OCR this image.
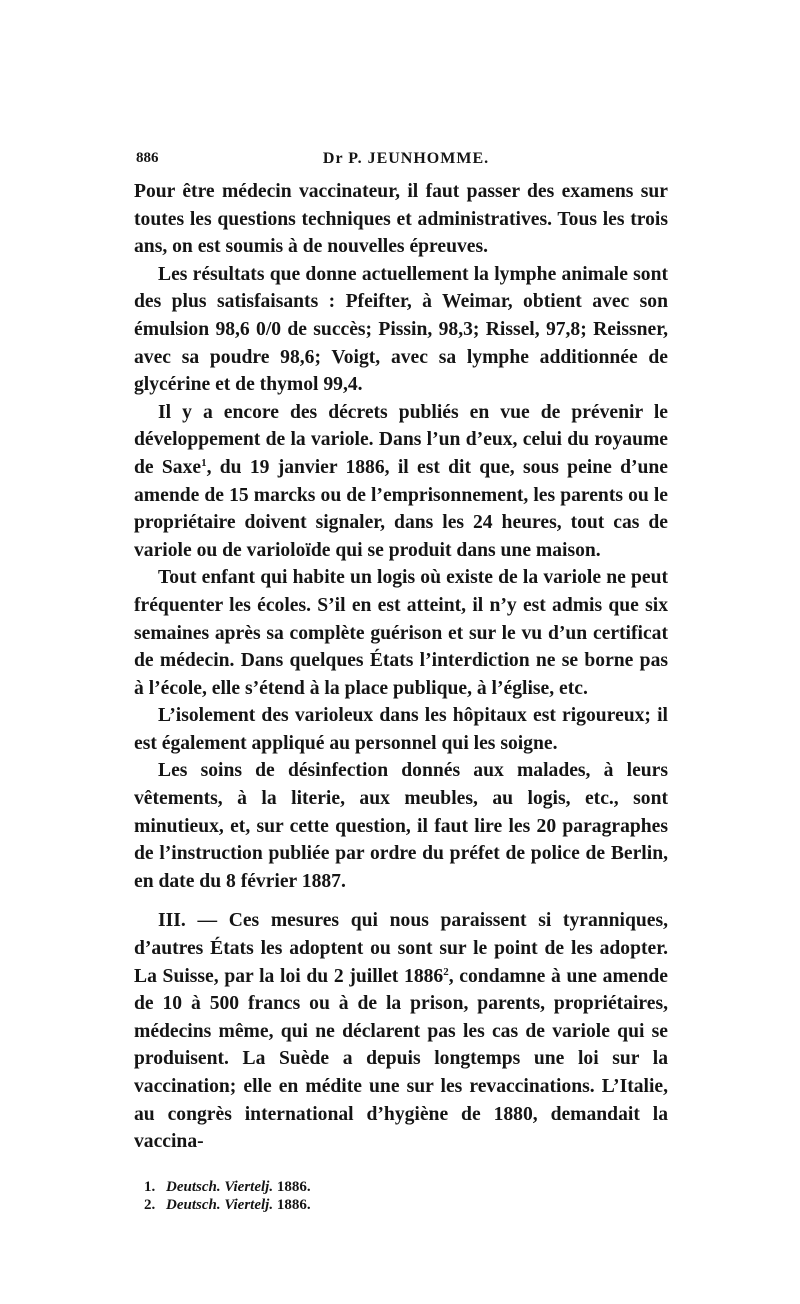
886	Dr P. JEUNHOMME.

Pour être médecin vaccinateur, il faut passer des examens sur toutes les questions techniques et administratives. Tous les trois ans, on est soumis à de nouvelles épreuves.

Les résultats que donne actuellement la lymphe animale sont des plus satisfaisants : Pfeifter, à Weimar, obtient avec son émulsion 98,6 0/0 de succès; Pissin, 98,3; Rissel, 97,8; Reissner, avec sa poudre 98,6; Voigt, avec sa lymphe additionnée de glycérine et de thymol 99,4.

Il y a encore des décrets publiés en vue de prévenir le développement de la variole. Dans l’un d’eux, celui du royaume de Saxe$^1$, du 19 janvier 1886, il est dit que, sous peine d’une amende de 15 marcks ou de l’emprisonnement, les parents ou le propriétaire doivent signaler, dans les 24 heures, tout cas de variole ou de varioloïde qui se produit dans une maison.

Tout enfant qui habite un logis où existe de la variole ne peut fréquenter les écoles. S’il en est atteint, il n’y est admis que six semaines après sa complète guérison et sur le vu d’un certificat de médecin. Dans quelques États l’interdiction ne se borne pas à l’école, elle s’étend à la place publique, à l’église, etc.

L’isolement des varioleux dans les hôpitaux est rigoureux; il est également appliqué au personnel qui les soigne.

Les soins de désinfection donnés aux malades, à leurs vêtements, à la literie, aux meubles, au logis, etc., sont minutieux, et, sur cette question, il faut lire les 20 paragraphes de l’instruction publiée par ordre du préfet de police de Berlin, en date du 8 février 1887.

III. — Ces mesures qui nous paraissent si tyranniques, d’autres États les adoptent ou sont sur le point de les adopter. La Suisse, par la loi du 2 juillet 1886$^2$, condamne à une amende de 10 à 500 francs ou à de la prison, parents, propriétaires, médecins même, qui ne déclarent pas les cas de variole qui se produisent. La Suède a depuis longtemps une loi sur la vaccination; elle en médite une sur les revaccinations. L’Italie, au congrès international d’hygiène de 1880, demandait la vaccina-

1. Deutsch. Viertelj. 1886.
2. Deutsch. Viertelj. 1886.
